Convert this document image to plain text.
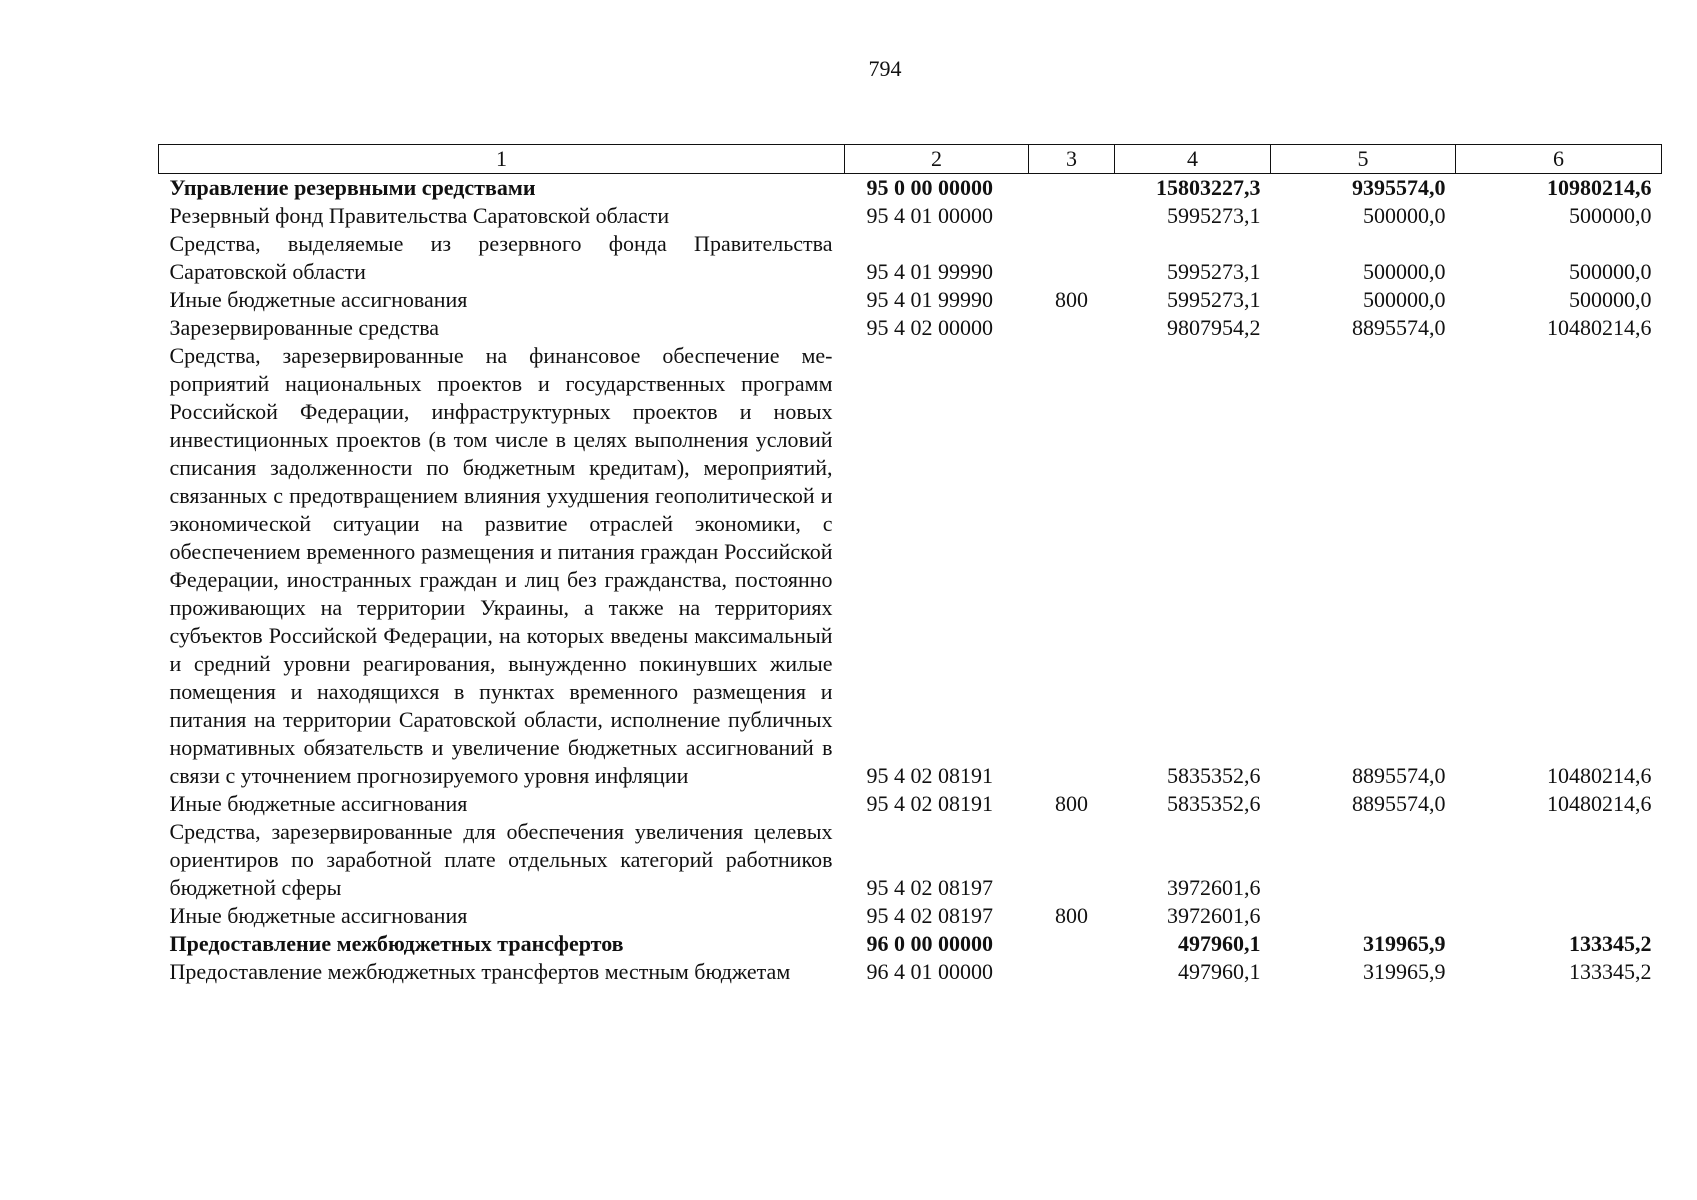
794
1	2	3	4	5	6
Управление резервными средствами	95 0 00 00000		15803227,3	9395574,0	10980214,6
Резервный фонд Правительства Саратовской области	95 4 01 00000		5995273,1	500000,0	500000,0
Средства, выделяемые из резервного фонда Правительства Саратовской области	95 4 01 99990		5995273,1	500000,0	500000,0
Иные бюджетные ассигнования	95 4 01 99990	800	5995273,1	500000,0	500000,0
Зарезервированные средства	95 4 02 00000		9807954,2	8895574,0	10480214,6
Средства, зарезервированные на финансовое обеспечение мероприятий национальных проектов и государственных программ Российской Федерации, инфраструктурных проектов и новых инвестиционных проектов (в том числе в целях выполнения условий списания задолженности по бюджетным кредитам), мероприятий, связанных с предотвращением влияния ухудшения геополитической и экономической ситуации на развитие отраслей экономики, с обеспечением временного размещения и питания граждан Российской Федерации, иностранных граждан и лиц без гражданства, постоянно проживающих на территории Украины, а также на территориях субъектов Российской Федерации, на которых введены максимальный и средний уровни реагирования, вынужденно покинувших жилые помещения и находящихся в пунктах временного размещения и питания на территории Саратовской области, исполнение публичных нормативных обязательств и увеличение бюджетных ассигнований в связи с уточнением прогнозируемого уровня инфляции	95 4 02 08191		5835352,6	8895574,0	10480214,6
Иные бюджетные ассигнования	95 4 02 08191	800	5835352,6	8895574,0	10480214,6
Средства, зарезервированные для обеспечения увеличения целевых ориентиров по заработной плате отдельных категорий работников бюджетной сферы	95 4 02 08197		3972601,6		
Иные бюджетные ассигнования	95 4 02 08197	800	3972601,6		
Предоставление межбюджетных трансфертов	96 0 00 00000		497960,1	319965,9	133345,2
Предоставление межбюджетных трансфертов местным бюджетам	96 4 01 00000		497960,1	319965,9	133345,2
